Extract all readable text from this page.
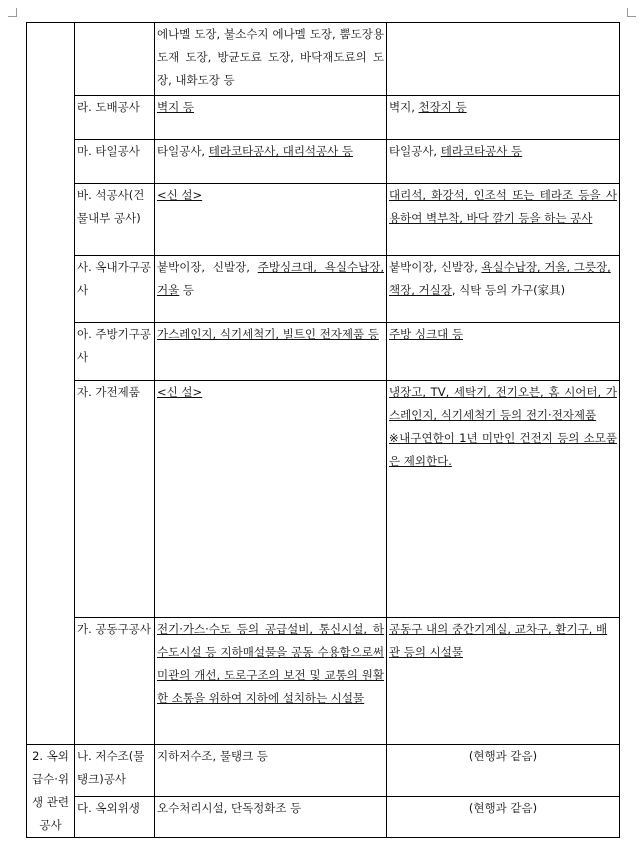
		에나멜 도장, 불소수지 에나멜 도장, 뿜도장용 도재 도장, 방균도료 도장, 바닥재도료의 도장, 내화도장 등	
	라. 도배공사	벽지 등	벽지, 천장지 등
	마. 타일공사	타일공사, 테라코타공사, 대리석공사 등	타일공사, 테라코타공사 등
	바. 석공사(건물내부 공사)	<신 설>	대리석, 화강석, 인조석 또는 테라조 등을 사용하여 벽부착, 바닥 깔기 등을 하는 공사
	사. 옥내가구공사	붙박이장, 신발장, 주방싱크대, 욕실수납장, 거울 등	붙박이장, 신발장, 욕실수납장, 거울, 그릇장, 책장, 거실장, 식탁 등의 가구(家具)
	아. 주방기구공사	가스레인지, 식기세척기, 빌트인 전자제품 등	주방 싱크대 등
	자. 가전제품	<신 설>	냉장고, TV, 세탁기, 전기오븐, 홈 시어터, 가스레인지, 식기세척기 등의 전기·전자제품
※내구연한이 1년 미만인 건전지 등의 소모품은 제외한다.
	가. 공동구공사	전기·가스·수도 등의 공급설비, 통신시설, 하수도시설 등 지하매설물을 공동 수용함으로써 미관의 개선, 도로구조의 보전 및 교통의 원활한 소통을 위하여 지하에 설치하는 시설물	공동구 내의 중간기계실, 교차구, 환기구, 배관 등의 시설물
2. 옥외급수·위생 관련 공사	나. 저수조(물탱크)공사	지하저수조, 물탱크 등	(현행과 같음)
	다. 옥외위생	오수처리시설, 단독정화조 등	(현행과 같음)
